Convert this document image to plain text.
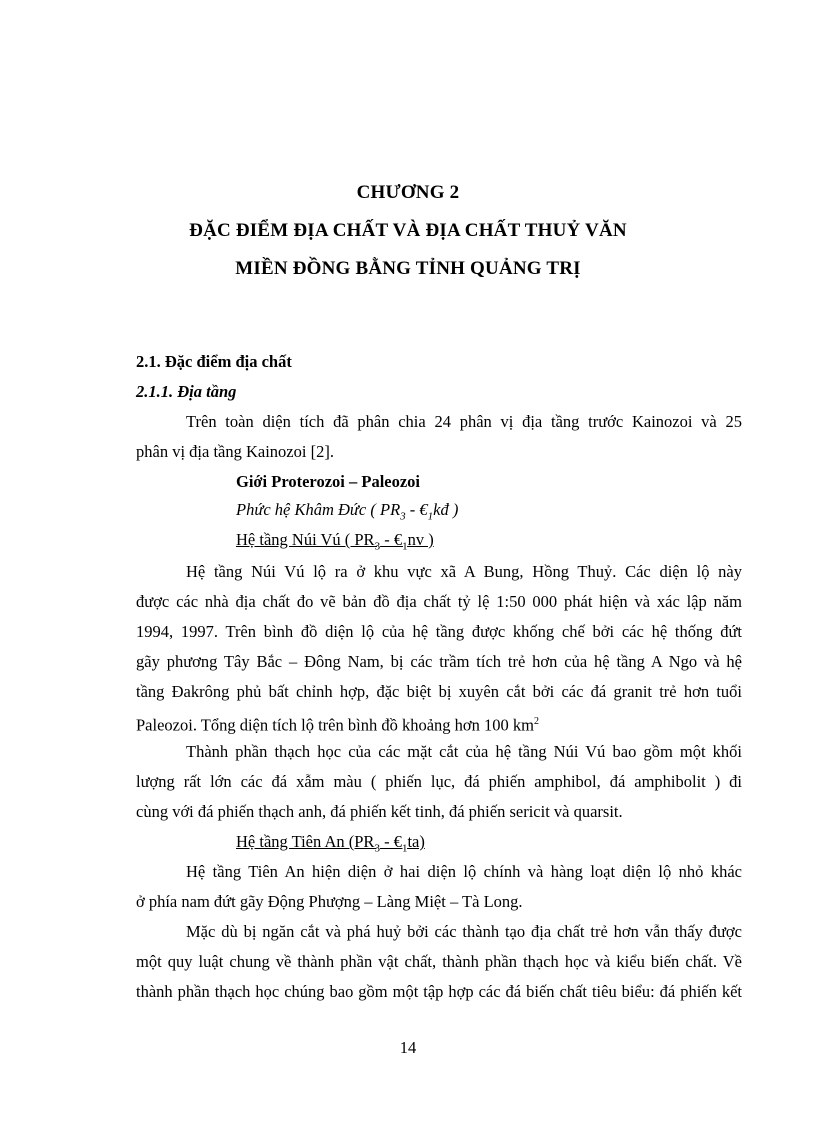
CHƯƠNG 2
ĐẶC ĐIỂM ĐỊA CHẤT VÀ ĐỊA CHẤT THUỶ VĂN
MIỀN ĐỒNG BẰNG TỈNH QUẢNG TRỊ
2.1. Đặc điểm địa chất
2.1.1. Địa tầng
Trên toàn diện tích đã phân chia 24 phân vị địa tầng trước Kainozoi và 25
phân vị địa tầng Kainozoi [2].
Giới Proterozoi – Paleozoi
Phức hệ Khâm Đức ( $PR_3$ - $€_1kđ$ )
Hệ tầng Núi Vú ( $PR_3$ - $€_1nv$ )
Hệ tầng Núi Vú lộ ra ở khu vực xã A Bung, Hồng Thuỷ. Các diện lộ này
được các nhà địa chất đo vẽ bản đồ địa chất tỷ lệ 1:50 000 phát hiện và xác lập năm
1994, 1997. Trên bình đồ diện lộ của hệ tầng được khống chế bởi các hệ thống đứt
gãy phương Tây Bắc – Đông Nam, bị các trầm tích trẻ hơn của hệ tầng A Ngo và hệ
tầng Đakrông phủ bất chỉnh hợp, đặc biệt bị xuyên cắt bởi các đá granit trẻ hơn tuổi
Paleozoi. Tổng diện tích lộ trên bình đồ khoảng hơn 100 $km^2$
Thành phần thạch học của các mặt cắt của hệ tầng Núi Vú bao gồm một khối
lượng rất lớn các đá xẫm màu ( phiến lục, đá phiến amphibol, đá amphibolit ) đi
cùng với đá phiến thạch anh, đá phiến kết tinh, đá phiến sericit và quarsit.
Hệ tầng Tiên An ($PR_3$ - $€_1ta$)
Hệ tầng Tiên An hiện diện ở hai diện lộ chính và hàng loạt diện lộ nhỏ khác
ở phía nam đứt gãy Động Phượng – Làng Miệt – Tà Long.
Mặc dù bị ngăn cắt và phá huỷ bởi các thành tạo địa chất trẻ hơn vẫn thấy được
một quy luật chung về thành phần vật chất, thành phần thạch học và kiểu biến chất. Về
thành phần thạch học chúng bao gồm một tập hợp các đá biến chất tiêu biểu: đá phiến kết
14
